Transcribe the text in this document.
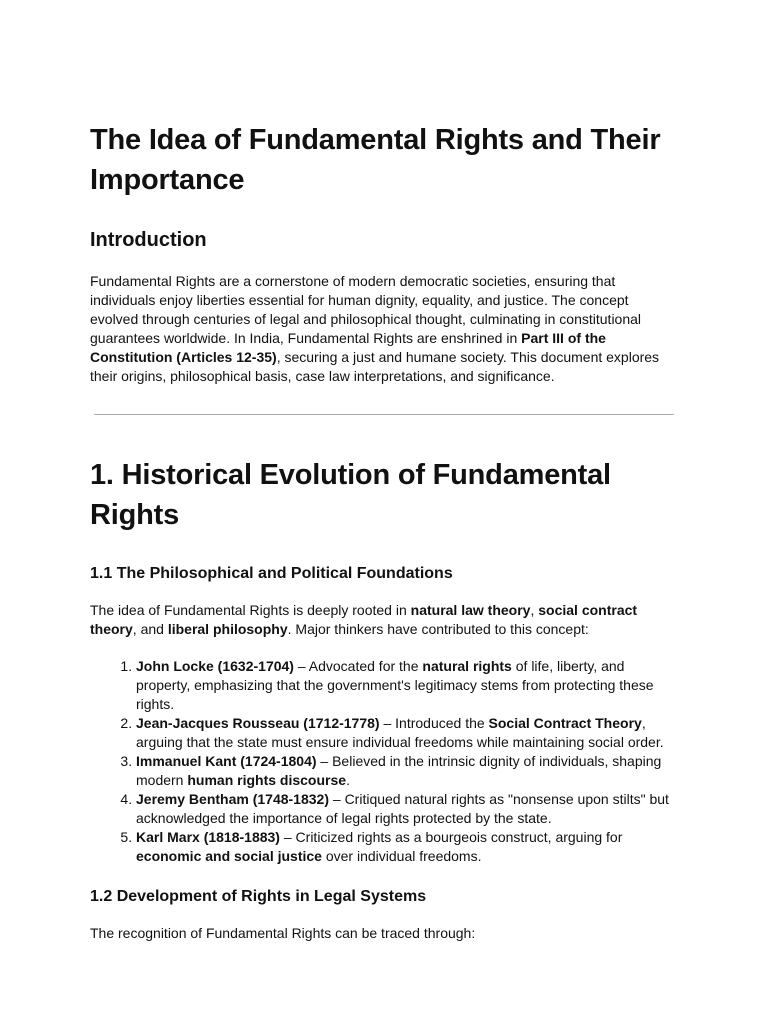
The Idea of Fundamental Rights and Their Importance
Introduction

Fundamental Rights are a cornerstone of modern democratic societies, ensuring that individuals enjoy liberties essential for human dignity, equality, and justice. The concept evolved through centuries of legal and philosophical thought, culminating in constitutional guarantees worldwide. In India, Fundamental Rights are enshrined in Part III of the Constitution (Articles 12-35), securing a just and humane society. This document explores their origins, philosophical basis, case law interpretations, and significance.

1. Historical Evolution of Fundamental Rights
1.1 The Philosophical and Political Foundations

The idea of Fundamental Rights is deeply rooted in natural law theory, social contract theory, and liberal philosophy. Major thinkers have contributed to this concept:

1. John Locke (1632-1704) – Advocated for the natural rights of life, liberty, and property, emphasizing that the government's legitimacy stems from protecting these rights.
2. Jean-Jacques Rousseau (1712-1778) – Introduced the Social Contract Theory, arguing that the state must ensure individual freedoms while maintaining social order.
3. Immanuel Kant (1724-1804) – Believed in the intrinsic dignity of individuals, shaping modern human rights discourse.
4. Jeremy Bentham (1748-1832) – Critiqued natural rights as "nonsense upon stilts" but acknowledged the importance of legal rights protected by the state.
5. Karl Marx (1818-1883) – Criticized rights as a bourgeois construct, arguing for economic and social justice over individual freedoms.
1.2 Development of Rights in Legal Systems

The recognition of Fundamental Rights can be traced through:
